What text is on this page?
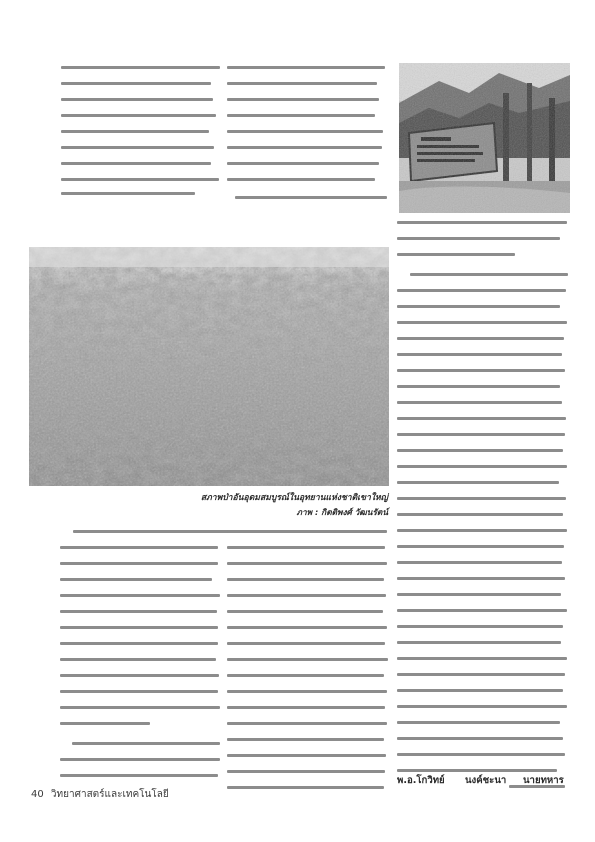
สภาพป่าอันอุดมสมบูรณ์ในอุทยานแห่งชาติเขาใหญ่
ภาพ : กิตติพงศ์ วัฒนรัตน์
พ.อ.โกวิทย์ นงค์ชะนา นายทหาร
40 วิทยาศาสตร์และเทคโนโลยี
